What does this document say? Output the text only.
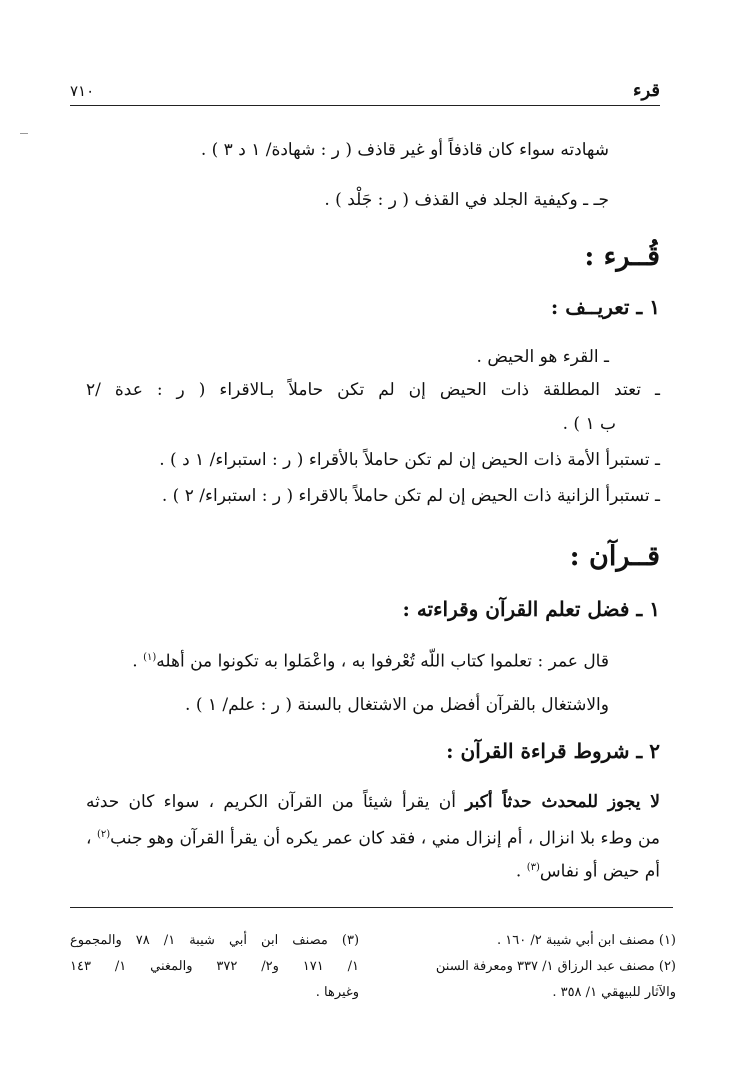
قرء
٧١٠
شهادته سواء كان قاذفاً أو غير قاذف ( ر : شهادة/ ١ د ٣ ) .
جـ ـ وكيفية الجلد في القذف ( ر : جَلْد ) .
قُــرء :
١ ـ تعريــف :
ـ القرء هو الحيض .
ـ تعتد المطلقة ذات الحيض إن لم تكن حاملاً بـالاقراء ( ر : عدة /٢
ب ١ ) .
ـ تستبرأ الأمة ذات الحيض إن لم تكن حاملاً بالأقراء ( ر : استبراء/ ١ د ) .
ـ تستبرأ الزانية ذات الحيض إن لم تكن حاملاً بالاقراء ( ر : استبراء/ ٢ ) .
قــرآن :
١ ـ فضل تعلم القرآن وقراءته :
قال عمر : تعلموا كتاب اللّه تُعْرفوا به ، واعْمَلوا به تكونوا من أهله$^{(١)}$ .
والاشتغال بالقرآن أفضل من الاشتغال بالسنة ( ر : علم/ ١ ) .
٢ ـ شروط قراءة القرآن :
لا يجوز للمحدث حدثاً أكبر أن يقرأ شيئاً من القرآن الكريم ، سواء كان حدثه
من وطء بلا انزال ، أم إنزال مني ، فقد كان عمر يكره أن يقرأ القرآن وهو جنب$^{(٢)}$ ،
أم حيض أو نفاس$^{(٣)}$ .
(١) مصنف ابن أبي شيبة ٢/ ١٦٠ .
(٢) مصنف عبد الرزاق ١/ ٣٣٧ ومعرفة السنن
والآثار للبيهقي ١/ ٣٥٨ .
(٣) مصنف ابن أبي شيبة ١/ ٧٨ والمجموع
١/ ١٧١ و٢/ ٣٧٢ والمغني ١/ ١٤٣
وغيرها .
